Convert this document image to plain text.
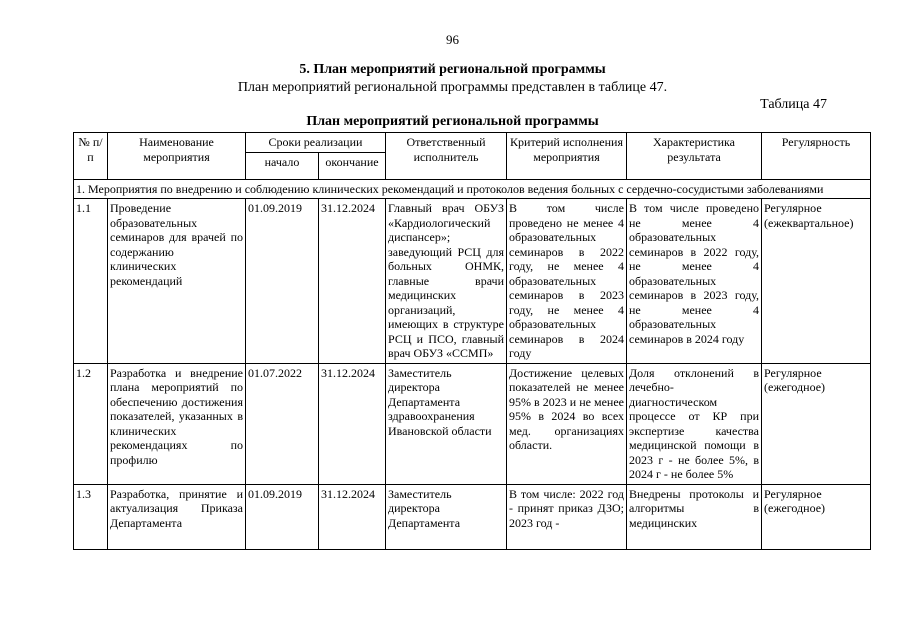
96
5. План мероприятий региональной программы
План мероприятий региональной программы представлен в таблице 47.
Таблица 47
План мероприятий региональной программы
№ п/п	Наименование мероприятия	Сроки реализации		Ответственный исполнитель	Критерий исполнения мероприятия	Характеристика результата	Регулярность
		начало	окончание				
1. Мероприятия по внедрению и соблюдению клинических рекомендаций и протоколов ведения больных с сердечно-сосудистыми заболеваниями							
1.1	Проведение образовательных семинаров для врачей по содержанию клинических рекомендаций	01.09.2019	31.12.2024	Главный врач ОБУЗ «Кардиологический диспансер»; заведующий РСЦ для больных ОНМК, главные врачи медицинских организаций, имеющих в структуре РСЦ и ПСО, главный врач ОБУЗ «ССМП»	В том числе проведено не менее 4 образовательных семинаров в 2022 году, не менее 4 образовательных семинаров в 2023 году, не менее 4 образовательных семинаров в 2024 году	В том числе проведено не менее 4 образовательных семинаров в 2022 году, не менее 4 образовательных семинаров в 2023 году, не менее 4 образовательных семинаров в 2024 году	Регулярное (ежеквартальное)
1.2	Разработка и внедрение плана мероприятий по обеспечению достижения показателей, указанных в клинических рекомендациях по профилю	01.07.2022	31.12.2024	Заместитель директора Департамента здравоохранения Ивановской области	Достижение целевых показателей не менее 95% в 2023 и не менее 95% в 2024 во всех мед. организациях области.	Доля отклонений в лечебно-диагностическом процессе от КР при экспертизе качества медицинской помощи в 2023 г - не более 5%, в 2024 г - не более 5%	Регулярное (ежегодное)
1.3	Разработка, принятие и актуализация Приказа Департамента	01.09.2019	31.12.2024	Заместитель директора Департамента	В том числе: 2022 год - принят приказ ДЗО; 2023 год -	Внедрены протоколы и алгоритмы в медицинских	Регулярное (ежегодное)
